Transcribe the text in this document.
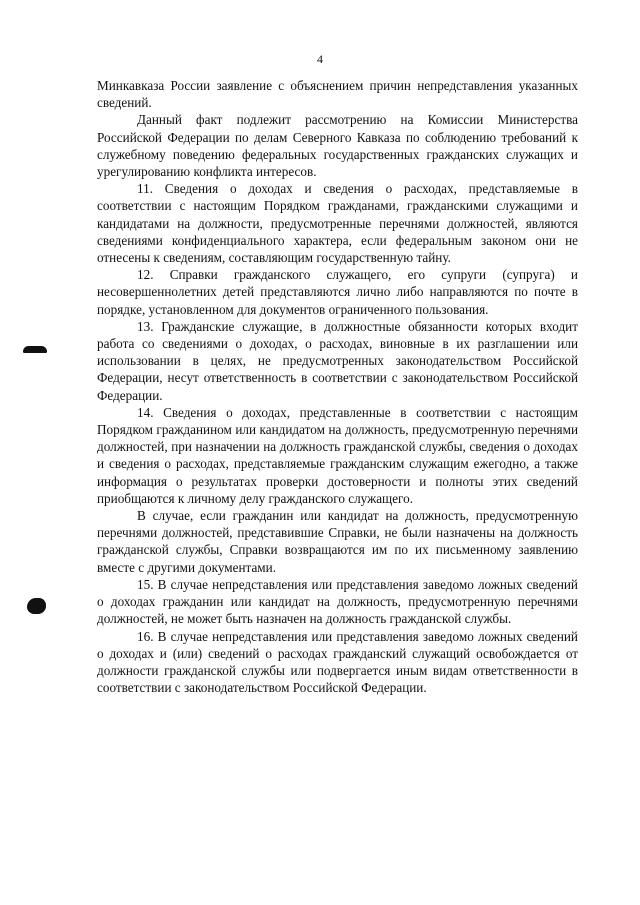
4

Минкавказа России заявление с объяснением причин непредставления указанных сведений.

Данный факт подлежит рассмотрению на Комиссии Министерства Российской Федерации по делам Северного Кавказа по соблюдению требований к служебному поведению федеральных государственных гражданских служащих и урегулированию конфликта интересов.

11. Сведения о доходах и сведения о расходах, представляемые в соответствии с настоящим Порядком гражданами, гражданскими служащими и кандидатами на должности, предусмотренные перечнями должностей, являются сведениями конфиденциального характера, если федеральным законом они не отнесены к сведениям, составляющим государственную тайну.

12. Справки гражданского служащего, его супруги (супруга) и несовершеннолетних детей представляются лично либо направляются по почте в порядке, установленном для документов ограниченного пользования.

13. Гражданские служащие, в должностные обязанности которых входит работа со сведениями о доходах, о расходах, виновные в их разглашении или использовании в целях, не предусмотренных законодательством Российской Федерации, несут ответственность в соответствии с законодательством Российской Федерации.

14. Сведения о доходах, представленные в соответствии с настоящим Порядком гражданином или кандидатом на должность, предусмотренную перечнями должностей, при назначении на должность гражданской службы, сведения о доходах и сведения о расходах, представляемые гражданским служащим ежегодно, а также информация о результатах проверки достоверности и полноты этих сведений приобщаются к личному делу гражданского служащего.

В случае, если гражданин или кандидат на должность, предусмотренную перечнями должностей, представившие Справки, не были назначены на должность гражданской службы, Справки возвращаются им по их письменному заявлению вместе с другими документами.

15. В случае непредставления или представления заведомо ложных сведений о доходах гражданин или кандидат на должность, предусмотренную перечнями должностей, не может быть назначен на должность гражданской службы.

16. В случае непредставления или представления заведомо ложных сведений о доходах и (или) сведений о расходах гражданский служащий освобождается от должности гражданской службы или подвергается иным видам ответственности в соответствии с законодательством Российской Федерации.
